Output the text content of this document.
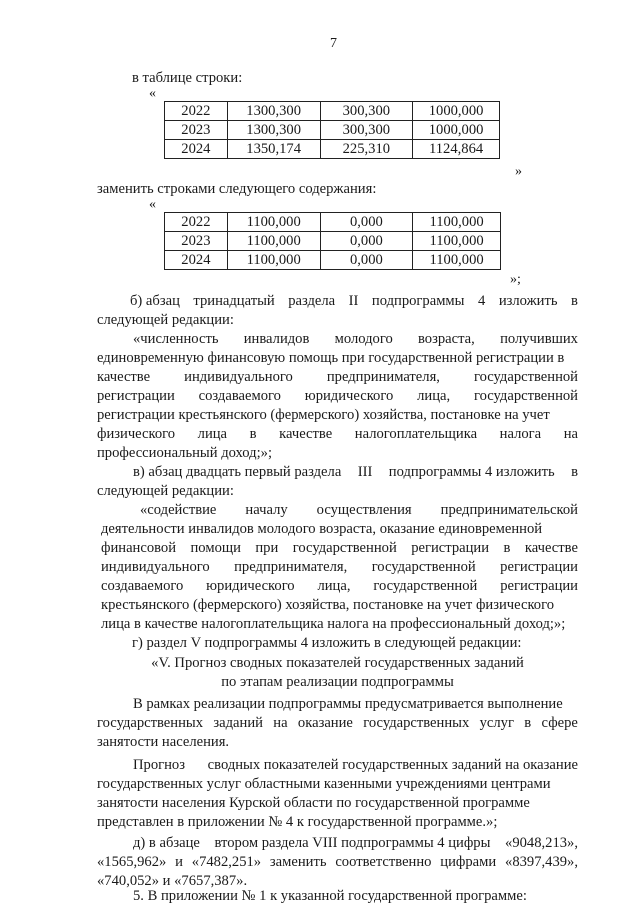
7
в таблице строки:
«
2022	1300,300	300,300	1000,000
2023	1300,300	300,300	1000,000
2024	1350,174	225,310	1124,864
»
заменить строками следующего содержания:
«
2022	1100,000	0,000	1100,000
2023	1100,000	0,000	1100,000
2024	1100,000	0,000	1100,000
»;
б) абзац тринадцатый раздела II подпрограммы 4 изложить в
следующей редакции:
«численность инвалидов молодого возраста, получивших
единовременную финансовую помощь при государственной регистрации в
качестве индивидуального предпринимателя, государственной
регистрации создаваемого юридического лица, государственной
регистрации крестьянского (фермерского) хозяйства, постановке на учет
физического лица в качестве налогоплательщика налога на
профессиональный доход;»;
в) абзац двадцать первый раздела III подпрограммы 4 изложить в
следующей редакции:
«содействие началу осуществления предпринимательской
деятельности инвалидов молодого возраста, оказание единовременной
финансовой помощи при государственной регистрации в качестве
индивидуального предпринимателя, государственной регистрации
создаваемого юридического лица, государственной регистрации
крестьянского (фермерского) хозяйства, постановке на учет физического
лица в качестве налогоплательщика налога на профессиональный доход;»;
г) раздел V подпрограммы 4 изложить в следующей редакции:
«V. Прогноз сводных показателей государственных заданий
по этапам реализации подпрограммы
В рамках реализации подпрограммы предусматривается выполнение
государственных заданий на оказание государственных услуг в сфере
занятости населения.
Прогноз сводных показателей государственных заданий на оказание
государственных услуг областными казенными учреждениями центрами
занятости населения Курской области по государственной программе
представлен в приложении № 4 к государственной программе.»;
д) в абзаце втором раздела VIII подпрограммы 4 цифры «9048,213»,
«1565,962» и «7482,251» заменить соответственно цифрами «8397,439»,
«740,052» и «7657,387».
5. В приложении № 1 к указанной государственной программе:
